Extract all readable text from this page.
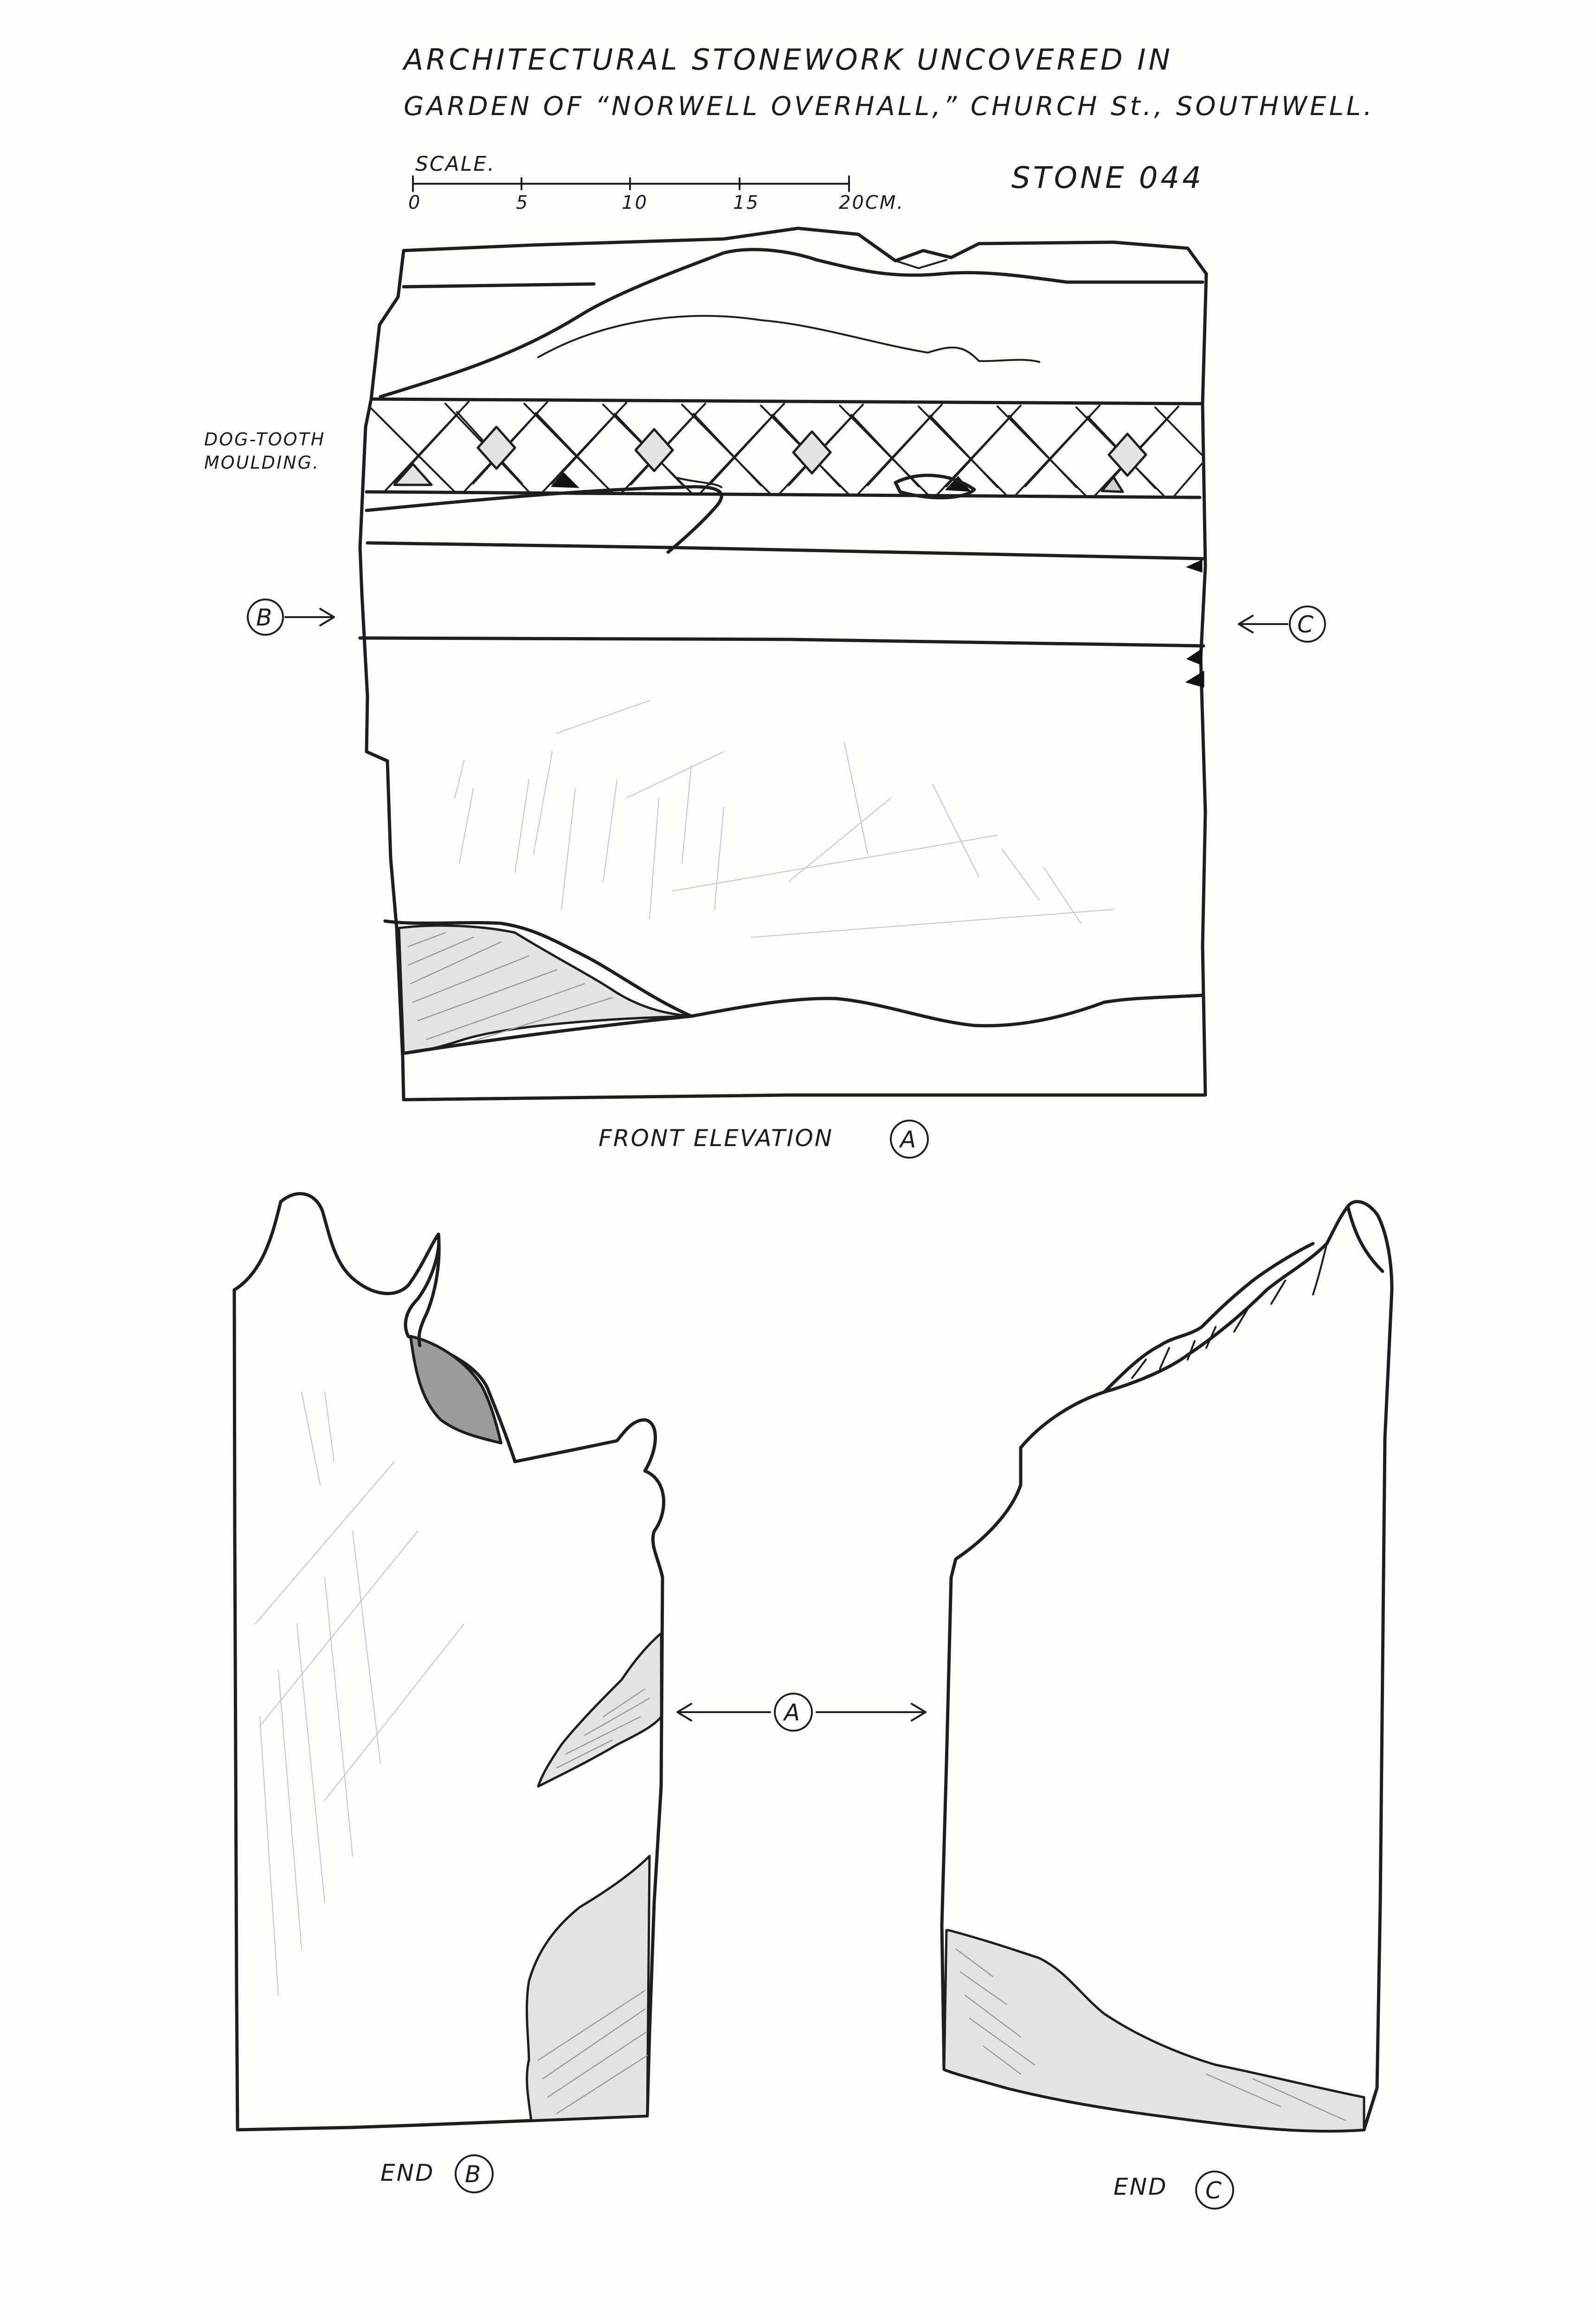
ARCHITECTURAL STONEWORK UNCOVERED IN
GARDEN OF “NORWELL OVERHALL,” CHURCH St., SOUTHWELL.
STONE 044
SCALE.
0	5	10	15	20CM.
B	C
DOG-TOOTH
MOULDING.
FRONT ELEVATION	A
A
END B	END C
